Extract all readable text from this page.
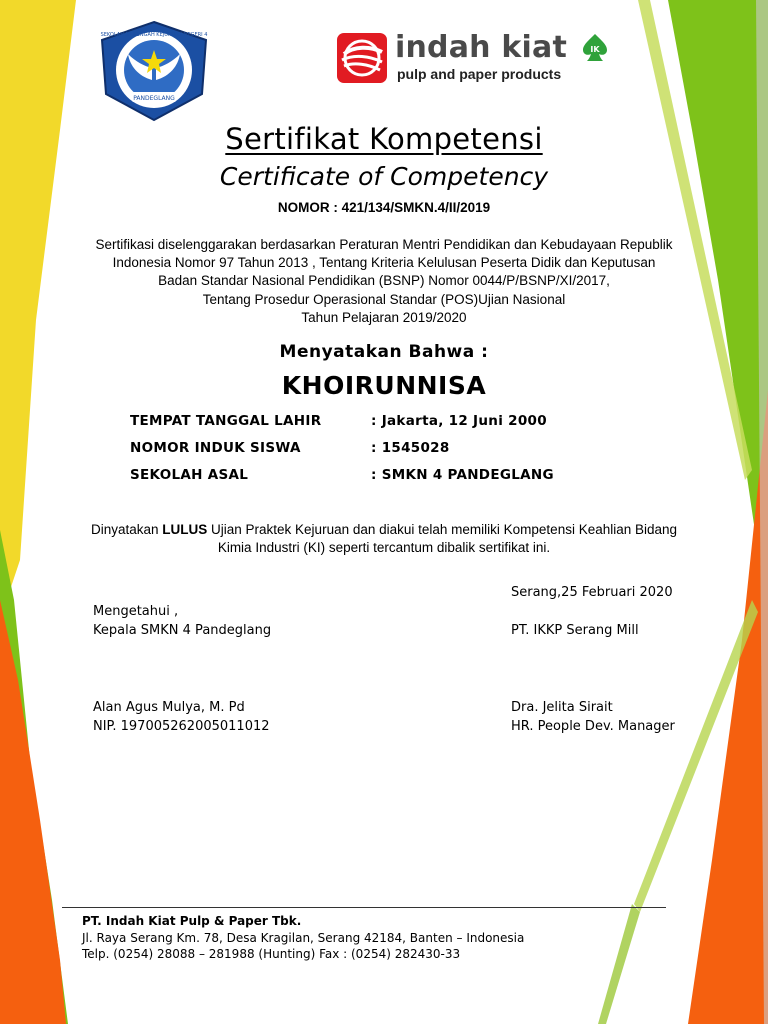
SEKOLAH MENENGAH KEJURUAN NEGERI 4
PANDEGLANG
indah kiat
pulp and paper products
IK
Sertifikat Kompetensi
Certificate of Competency
NOMOR : 421/134/SMKN.4/II/2019
Sertifikasi diselenggarakan berdasarkan Peraturan Mentri Pendidikan dan Kebudayaan Republik
Indonesia Nomor 97 Tahun 2013 , Tentang Kriteria Kelulusan Peserta Didik dan Keputusan
Badan Standar Nasional Pendidikan (BSNP) Nomor 0044/P/BSNP/XI/2017,
Tentang Prosedur Operasional Standar (POS)Ujian Nasional
Tahun Pelajaran 2019/2020
Menyatakan Bahwa :
KHOIRUNNISA
TEMPAT TANGGAL LAHIR	: Jakarta, 12 Juni 2000
NOMOR INDUK SISWA	: 1545028
SEKOLAH ASAL	: SMKN 4 PANDEGLANG
Dinyatakan LULUS Ujian Praktek Kejuruan dan diakui telah memiliki Kompetensi Keahlian Bidang
Kimia Industri (KI) seperti tercantum dibalik sertifikat ini.
Serang,25 Februari 2020
Mengetahui ,
Kepala SMKN 4 Pandeglang	PT. IKKP Serang Mill
Alan Agus Mulya, M. Pd
NIP. 197005262005011012
Dra. Jelita Sirait
HR. People Dev. Manager
PT. Indah Kiat Pulp & Paper Tbk.
Jl. Raya Serang Km. 78, Desa Kragilan, Serang 42184, Banten – Indonesia
Telp. (0254) 28088 – 281988 (Hunting) Fax : (0254) 282430-33
